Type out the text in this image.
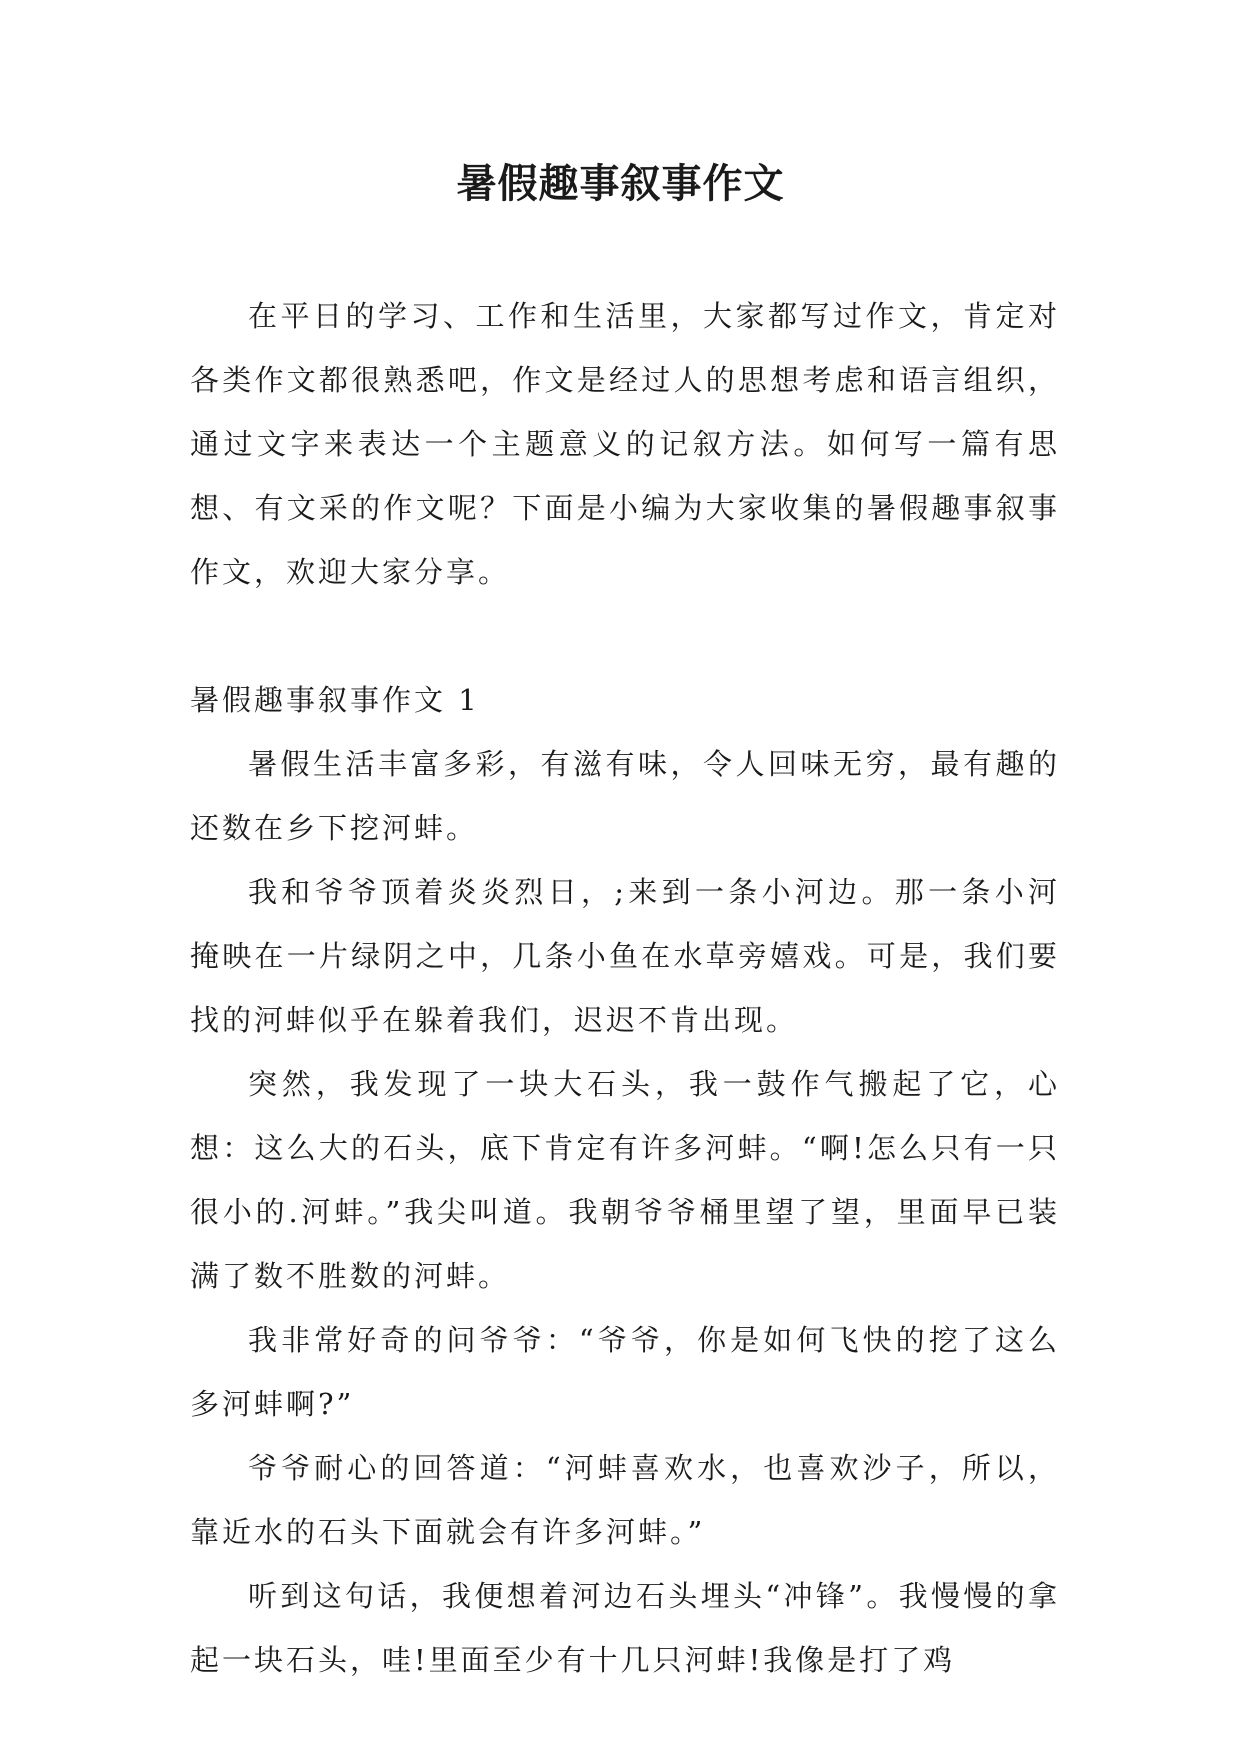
暑假趣事叙事作文

在平日的学习、工作和生活里，大家都写过作文，肯定对各类作文都很熟悉吧，作文是经过人的思想考虑和语言组织，通过文字来表达一个主题意义的记叙方法。如何写一篇有思想、有文采的作文呢？下面是小编为大家收集的暑假趣事叙事作文，欢迎大家分享。

暑假趣事叙事作文 1

暑假生活丰富多彩，有滋有味，令人回味无穷，最有趣的还数在乡下挖河蚌。

我和爷爷顶着炎炎烈日，;来到一条小河边。那一条小河掩映在一片绿阴之中，几条小鱼在水草旁嬉戏。可是，我们要找的河蚌似乎在躲着我们，迟迟不肯出现。

突然，我发现了一块大石头，我一鼓作气搬起了它，心想：这么大的石头，底下肯定有许多河蚌。“啊!怎么只有一只很小的.河蚌。”我尖叫道。我朝爷爷桶里望了望，里面早已装满了数不胜数的河蚌。

我非常好奇的问爷爷：“爷爷，你是如何飞快的挖了这么多河蚌啊?”

爷爷耐心的回答道：“河蚌喜欢水，也喜欢沙子，所以，靠近水的石头下面就会有许多河蚌。”

听到这句话，我便想着河边石头埋头“冲锋”。我慢慢的拿起一块石头，哇!里面至少有十几只河蚌!我像是打了鸡
